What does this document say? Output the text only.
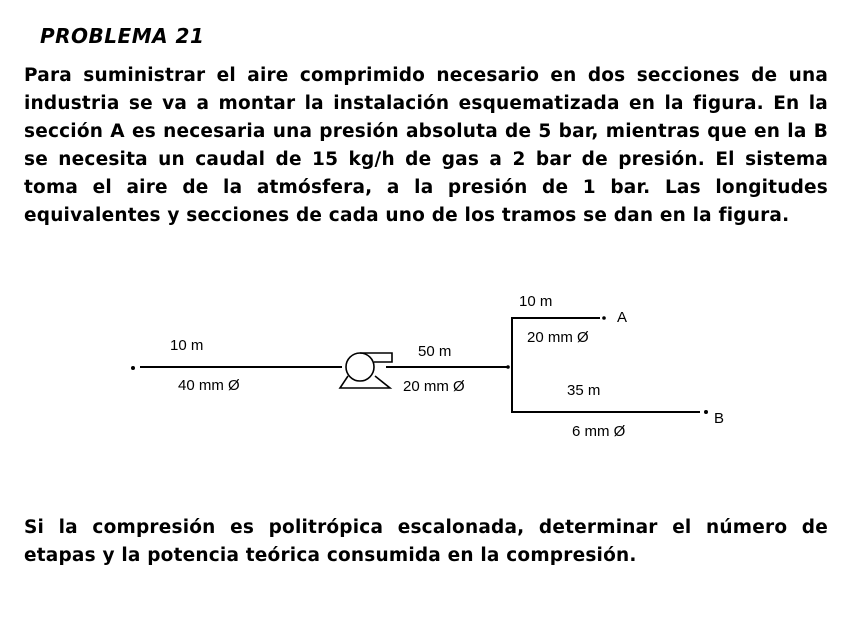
PROBLEMA 21
Para suministrar el aire comprimido necesario en dos secciones de una industria se va a montar la instalación esquematizada en la figura. En la sección A es necesaria una presión absoluta de 5 bar, mientras que en la B se necesita un caudal de 15 kg/h de gas a 2 bar de presión. El sistema toma el aire de la atmósfera, a la presión de 1 bar. Las longitudes equivalentes y secciones de cada uno de los tramos se dan en la figura.
10 m
40 mm Ø
50 m
20 mm Ø
10 m
20 mm Ø
A
35 m
6 mm Ø
B
Si la compresión es politrópica escalonada, determinar el número de etapas y la potencia teórica consumida en la compresión.
